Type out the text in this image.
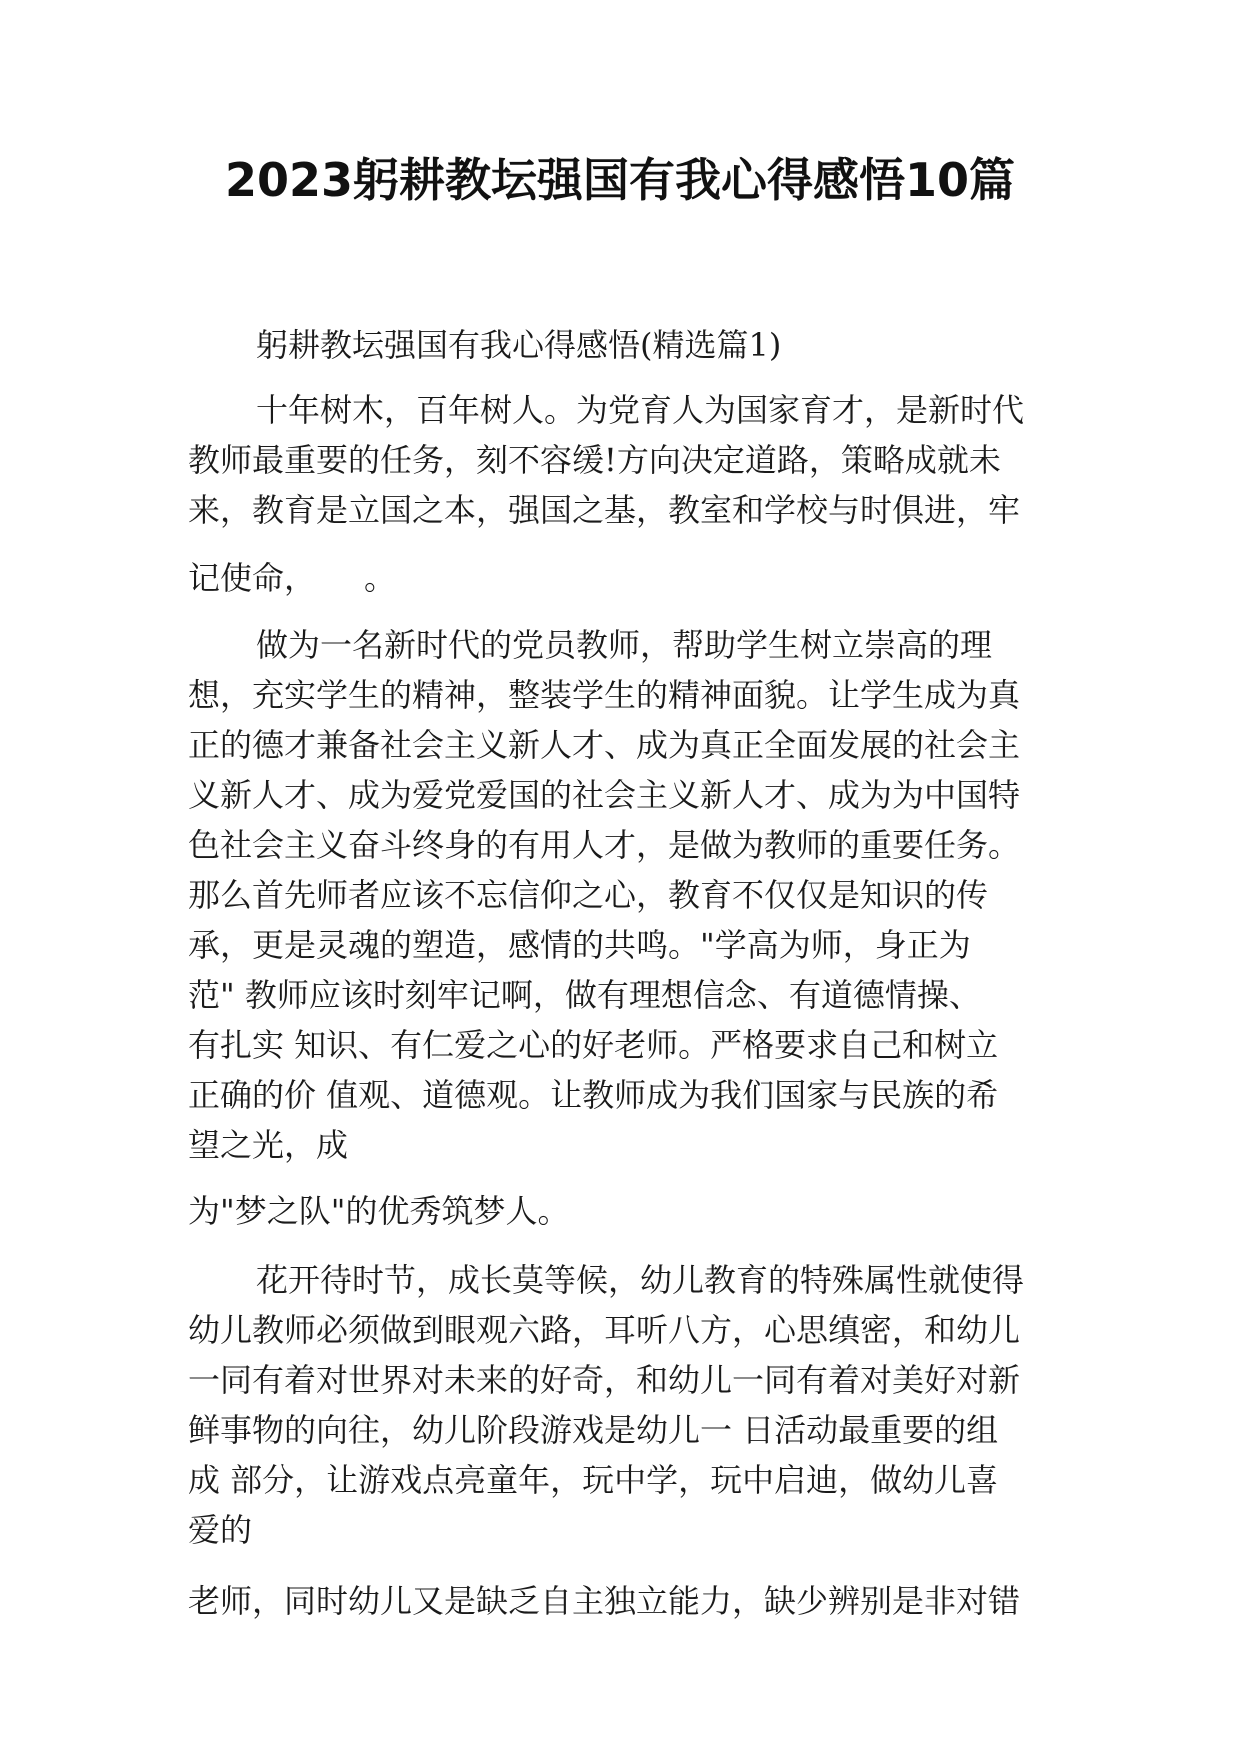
2023躬耕教坛强国有我心得感悟10篇
躬耕教坛强国有我心得感悟(精选篇1)
十年树木，百年树人。为党育人为国家育才，是新时代
教师最重要的任务，刻不容缓!方向决定道路，策略成就未
来，教育是立国之本，强国之基，教室和学校与时俱进，牢
记使命，　　。
做为一名新时代的党员教师，帮助学生树立崇高的理
想，充实学生的精神，整装学生的精神面貌。让学生成为真
正的德才兼备社会主义新人才、成为真正全面发展的社会主
义新人才、成为爱党爱国的社会主义新人才、成为为中国特
色社会主义奋斗终身的有用人才，是做为教师的重要任务。
那么首先师者应该不忘信仰之心，教育不仅仅是知识的传
承，更是灵魂的塑造，感情的共鸣。"学高为师，身正为
范" 教师应该时刻牢记啊，做有理想信念、有道德情操、
有扎实 知识、有仁爱之心的好老师。严格要求自己和树立
正确的价 值观、道德观。让教师成为我们国家与民族的希
望之光，成
为"梦之队"的优秀筑梦人。
花开待时节，成长莫等候，幼儿教育的特殊属性就使得
幼儿教师必须做到眼观六路，耳听八方，心思缜密，和幼儿
一同有着对世界对未来的好奇，和幼儿一同有着对美好对新
鲜事物的向往，幼儿阶段游戏是幼儿一 日活动最重要的组
成 部分，让游戏点亮童年，玩中学，玩中启迪，做幼儿喜
爱的
老师，同时幼儿又是缺乏自主独立能力，缺少辨别是非对错
